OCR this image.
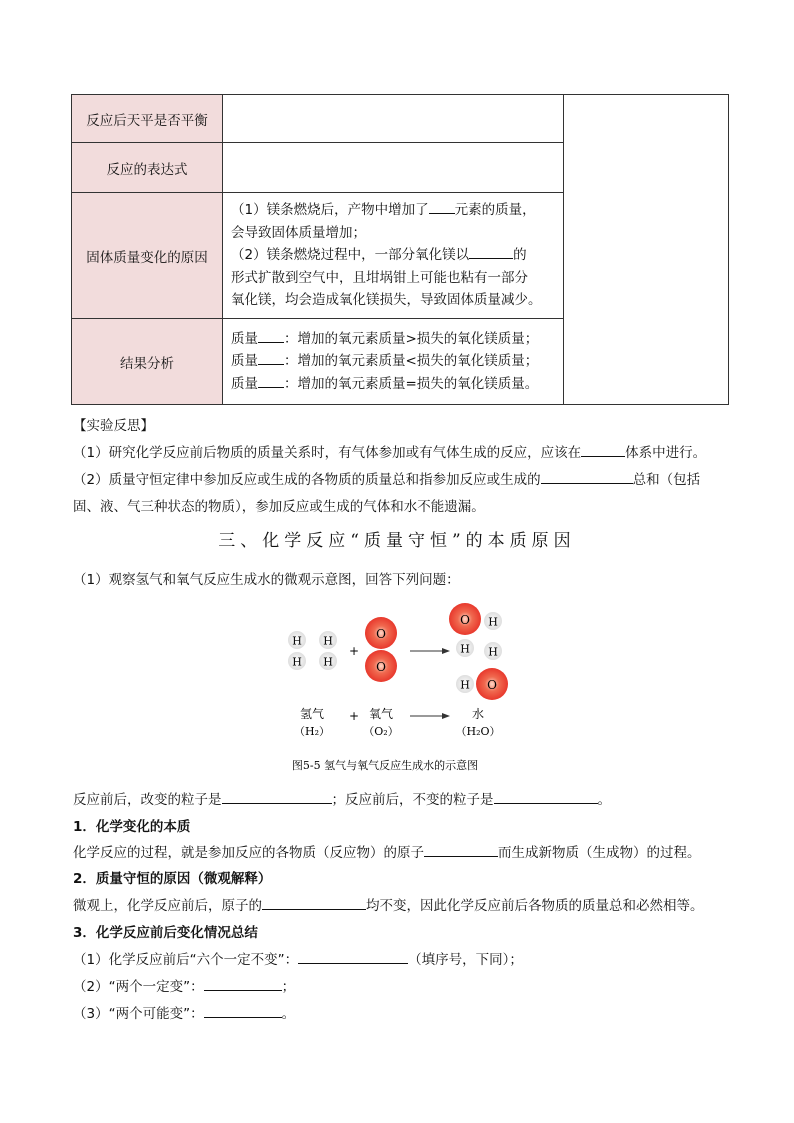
反应后天平是否平衡		
反应的表达式		
固体质量变化的原因	（1）镁条燃烧后，产物中增加了 元素的质量，
会导致固体质量增加；
（2）镁条燃烧过程中，一部分氧化镁以 的
形式扩散到空气中，且坩埚钳上可能也粘有一部分
氧化镁，均会造成氧化镁损失，导致固体质量减少。	

结果分析	质量 ：增加的氧元素质量>损失的氧化镁质量；
质量 ：增加的氧元素质量<损失的氧化镁质量；
质量 ：增加的氧元素质量=损失的氧化镁质量。	
【实验反思】
（1）研究化学反应前后物质的质量关系时，有气体参加或有气体生成的反应，应该在	体系中进行。
（2）质量守恒定律中参加反应或生成的各物质的质量总和指参加反应或生成的	总和（包括
固、液、气三种状态的物质），参加反应或生成的气体和水不能遗漏。
三、化学反应“质量守恒”的本质原因
（1）观察氢气和氧气反应生成水的微观示意图，回答下列问题：
H
H
H
H
+
O
O
O H
H H
H O
氢气
（H₂）
+ 氧气
（O₂）
水
（H₂O）
图5-5 氢气与氧气反应生成水的示意图
反应前后，改变的粒子是	；反应前后，不变的粒子是	。
1．化学变化的本质
化学反应的过程，就是参加反应的各物质（反应物）的原子	而生成新物质（生成物）的过程。
2．质量守恒的原因（微观解释）
微观上，化学反应前后，原子的	均不变，因此化学反应前后各物质的质量总和必然相等。
3．化学反应前后变化情况总结
（1）化学反应前后“六个一定不变”：	（填序号，下同）；
（2）“两个一定变”：	；
（3）“两个可能变”：	。
